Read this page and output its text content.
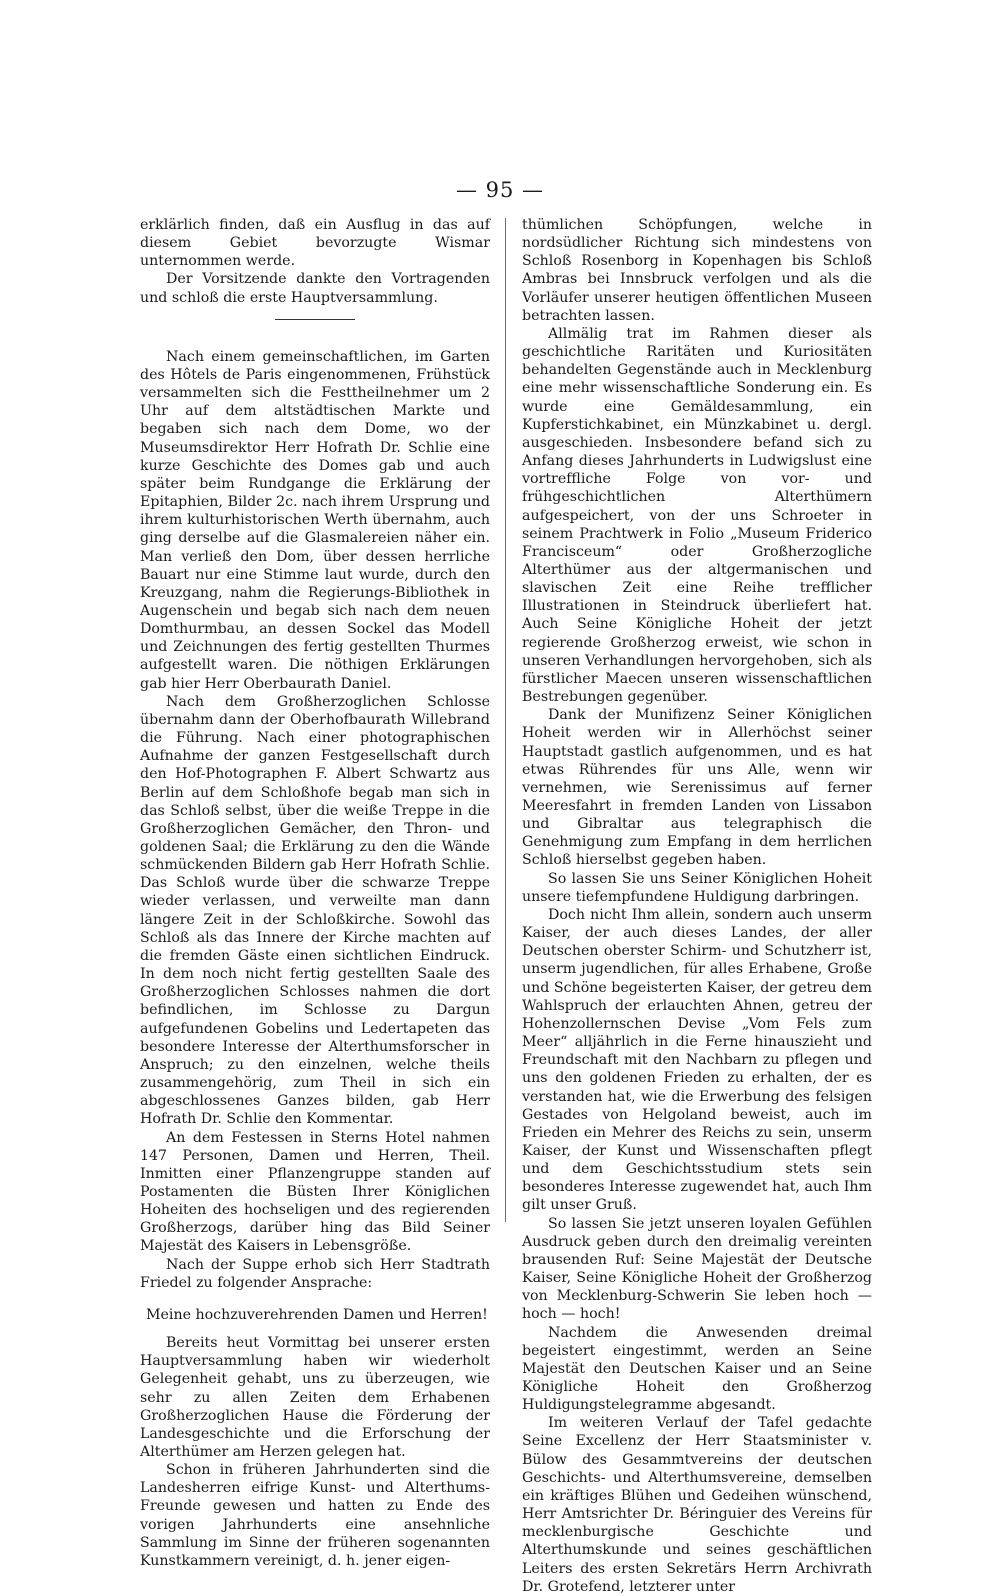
— 95 —

erklärlich finden, daß ein Ausflug in das auf diesem Gebiet bevorzugte Wismar unternommen werde.

Der Vorsitzende dankte den Vortragenden und schloß die erste Hauptversammlung.

Nach einem gemeinschaftlichen, im Garten des Hôtels de Paris eingenommenen, Frühstück versammelten sich die Festtheilnehmer um 2 Uhr auf dem altstädtischen Markte und begaben sich nach dem Dome, wo der Museumsdirektor Herr Hofrath Dr. Schlie eine kurze Geschichte des Domes gab und auch später beim Rundgange die Erklärung der Epitaphien, Bilder 2c. nach ihrem Ursprung und ihrem kulturhistorischen Werth übernahm, auch ging derselbe auf die Glasmalereien näher ein. Man verließ den Dom, über dessen herrliche Bauart nur eine Stimme laut wurde, durch den Kreuzgang, nahm die Regierungs-Bibliothek in Augenschein und begab sich nach dem neuen Domthurmbau, an dessen Sockel das Modell und Zeichnungen des fertig gestellten Thurmes aufgestellt waren. Die nöthigen Erklärungen gab hier Herr Oberbaurath Daniel.

Nach dem Großherzoglichen Schlosse übernahm dann der Oberhofbaurath Willebrand die Führung. Nach einer photographischen Aufnahme der ganzen Festgesellschaft durch den Hof-Photographen F. Albert Schwartz aus Berlin auf dem Schloßhofe begab man sich in das Schloß selbst, über die weiße Treppe in die Großherzoglichen Gemächer, den Thron- und goldenen Saal; die Erklärung zu den die Wände schmückenden Bildern gab Herr Hofrath Schlie. Das Schloß wurde über die schwarze Treppe wieder verlassen, und verweilte man dann längere Zeit in der Schloßkirche. Sowohl das Schloß als das Innere der Kirche machten auf die fremden Gäste einen sichtlichen Eindruck. In dem noch nicht fertig gestellten Saale des Großherzoglichen Schlosses nahmen die dort befindlichen, im Schlosse zu Dargun aufgefundenen Gobelins und Ledertapeten das besondere Interesse der Alterthumsforscher in Anspruch; zu den einzelnen, welche theils zusammengehörig, zum Theil in sich ein abgeschlossenes Ganzes bilden, gab Herr Hofrath Dr. Schlie den Kommentar.

An dem Festessen in Sterns Hotel nahmen 147 Personen, Damen und Herren, Theil. Inmitten einer Pflanzengruppe standen auf Postamenten die Büsten Ihrer Königlichen Hoheiten des hochseligen und des regierenden Großherzogs, darüber hing das Bild Seiner Majestät des Kaisers in Lebensgröße.

Nach der Suppe erhob sich Herr Stadtrath Friedel zu folgender Ansprache:

Meine hochzuverehrenden Damen und Herren!

Bereits heut Vormittag bei unserer ersten Hauptversammlung haben wir wiederholt Gelegenheit gehabt, uns zu überzeugen, wie sehr zu allen Zeiten dem Erhabenen Großherzoglichen Hause die Förderung der Landesgeschichte und die Erforschung der Alterthümer am Herzen gelegen hat.

Schon in früheren Jahrhunderten sind die Landesherren eifrige Kunst- und Alterthums-Freunde gewesen und hatten zu Ende des vorigen Jahrhunderts eine ansehnliche Sammlung im Sinne der früheren sogenannten Kunstkammern vereinigt, d. h. jener eigen-

thümlichen Schöpfungen, welche in nordsüdlicher Richtung sich mindestens von Schloß Rosenborg in Kopenhagen bis Schloß Ambras bei Innsbruck verfolgen und als die Vorläufer unserer heutigen öffentlichen Museen betrachten lassen.

Allmälig trat im Rahmen dieser als geschichtliche Raritäten und Kuriositäten behandelten Gegenstände auch in Mecklenburg eine mehr wissenschaftliche Sonderung ein. Es wurde eine Gemäldesammlung, ein Kupferstichkabinet, ein Münzkabinet u. dergl. ausgeschieden. Insbesondere befand sich zu Anfang dieses Jahrhunderts in Ludwigslust eine vortreffliche Folge von vor- und frühgeschichtlichen Alterthümern aufgespeichert, von der uns Schroeter in seinem Prachtwerk in Folio „Museum Friderico Francisceum“ oder Großherzogliche Alterthümer aus der altgermanischen und slavischen Zeit eine Reihe trefflicher Illustrationen in Steindruck überliefert hat. Auch Seine Königliche Hoheit der jetzt regierende Großherzog erweist, wie schon in unseren Verhandlungen hervorgehoben, sich als fürstlicher Maecen unseren wissenschaftlichen Bestrebungen gegenüber.

Dank der Munifizenz Seiner Königlichen Hoheit werden wir in Allerhöchst seiner Hauptstadt gastlich aufgenommen, und es hat etwas Rührendes für uns Alle, wenn wir vernehmen, wie Serenissimus auf ferner Meeresfahrt in fremden Landen von Lissabon und Gibraltar aus telegraphisch die Genehmigung zum Empfang in dem herrlichen Schloß hierselbst gegeben haben.

So lassen Sie uns Seiner Königlichen Hoheit unsere tiefempfundene Huldigung darbringen.

Doch nicht Ihm allein, sondern auch unserm Kaiser, der auch dieses Landes, der aller Deutschen oberster Schirm- und Schutzherr ist, unserm jugendlichen, für alles Erhabene, Große und Schöne begeisterten Kaiser, der getreu dem Wahlspruch der erlauchten Ahnen, getreu der Hohenzollernschen Devise „Vom Fels zum Meer“ alljährlich in die Ferne hinauszieht und Freundschaft mit den Nachbarn zu pflegen und uns den goldenen Frieden zu erhalten, der es verstanden hat, wie die Erwerbung des felsigen Gestades von Helgoland beweist, auch im Frieden ein Mehrer des Reichs zu sein, unserm Kaiser, der Kunst und Wissenschaften pflegt und dem Geschichtsstudium stets sein besonderes Interesse zugewendet hat, auch Ihm gilt unser Gruß.

So lassen Sie jetzt unseren loyalen Gefühlen Ausdruck geben durch den dreimalig vereinten brausenden Ruf: Seine Majestät der Deutsche Kaiser, Seine Königliche Hoheit der Großherzog von Mecklenburg-Schwerin Sie leben hoch — hoch — hoch!

Nachdem die Anwesenden dreimal begeistert eingestimmt, werden an Seine Majestät den Deutschen Kaiser und an Seine Königliche Hoheit den Großherzog Huldigungstelegramme abgesandt.

Im weiteren Verlauf der Tafel gedachte Seine Excellenz der Herr Staatsminister v. Bülow des Gesammtvereins der deutschen Geschichts- und Alterthumsvereine, demselben ein kräftiges Blühen und Gedeihen wünschend, Herr Amtsrichter Dr. Béringuier des Vereins für mecklenburgische Geschichte und Alterthumskunde und seines geschäftlichen Leiters des ersten Sekretärs Herrn Archivrath Dr. Grotefend, letzterer unter
